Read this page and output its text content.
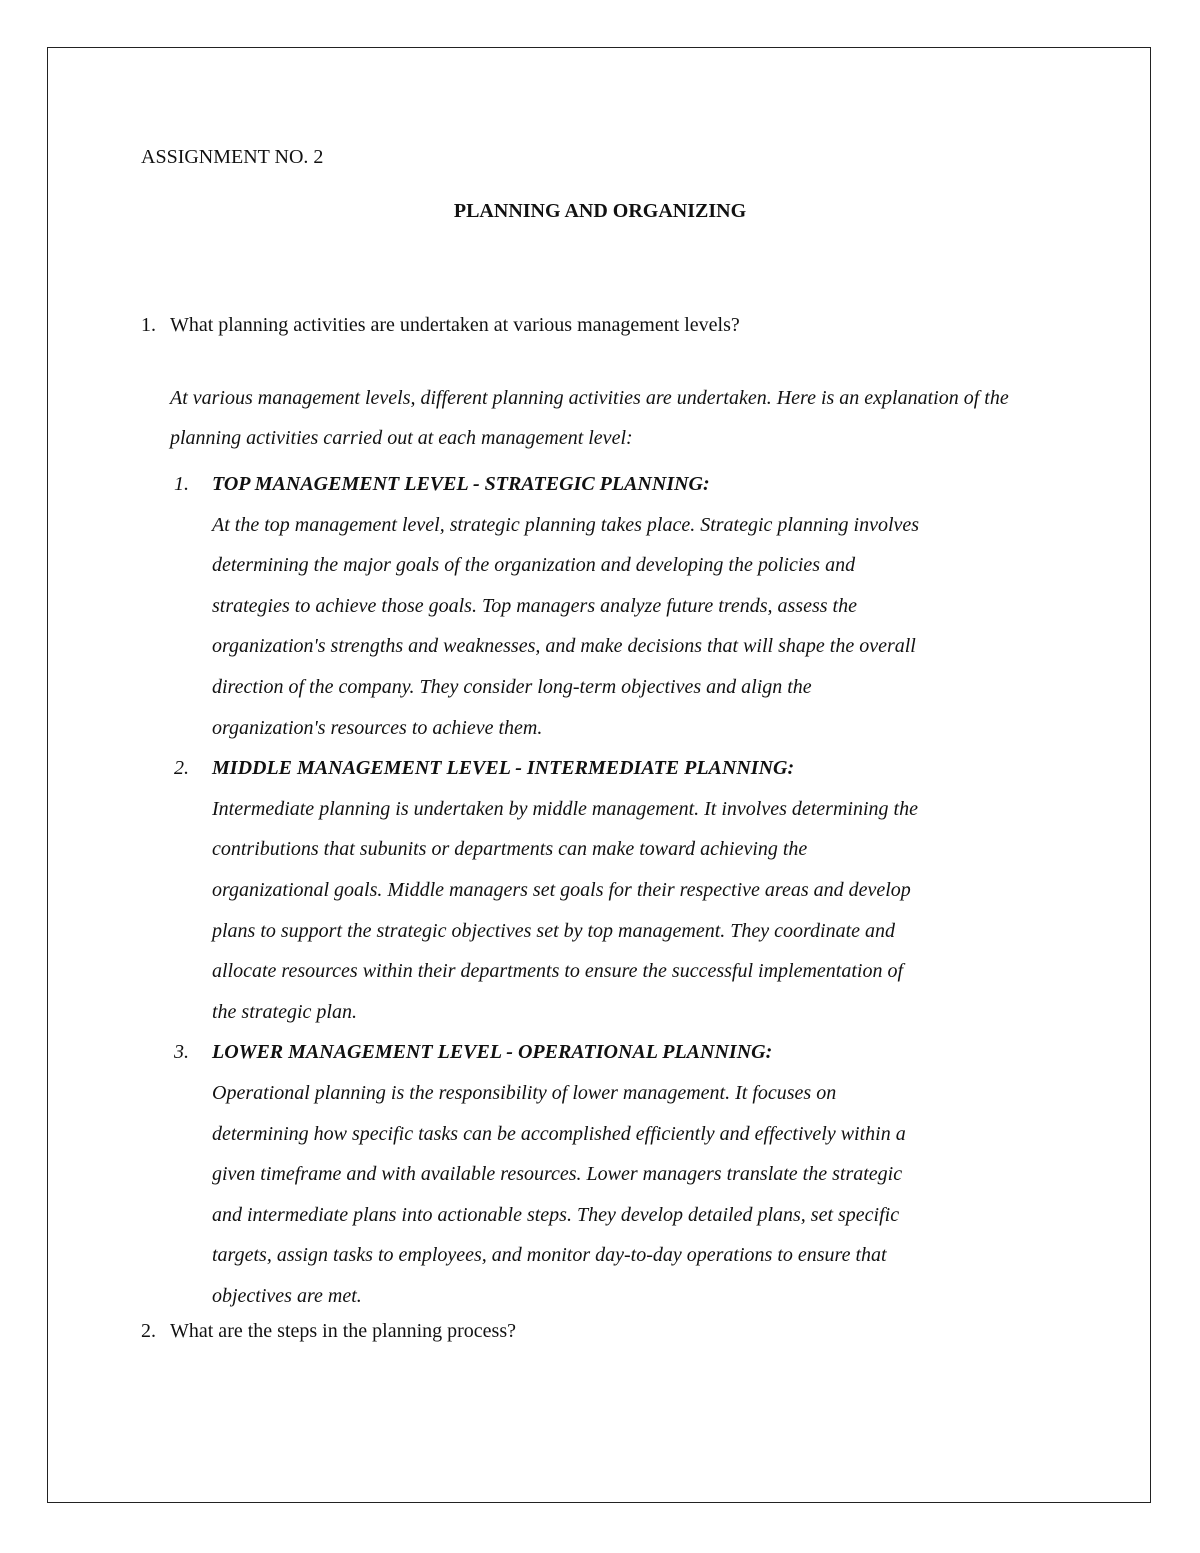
ASSIGNMENT NO. 2

PLANNING AND ORGANIZING

1. What planning activities are undertaken at various management levels?

At various management levels, different planning activities are undertaken. Here is an explanation of the planning activities carried out at each management level:

1.	TOP MANAGEMENT LEVEL - STRATEGIC PLANNING:
At the top management level, strategic planning takes place. Strategic planning involves
determining the major goals of the organization and developing the policies and
strategies to achieve those goals. Top managers analyze future trends, assess the
organization's strengths and weaknesses, and make decisions that will shape the overall
direction of the company. They consider long-term objectives and align the
organization's resources to achieve them.
2.	MIDDLE MANAGEMENT LEVEL - INTERMEDIATE PLANNING:
Intermediate planning is undertaken by middle management. It involves determining the
contributions that subunits or departments can make toward achieving the
organizational goals. Middle managers set goals for their respective areas and develop
plans to support the strategic objectives set by top management. They coordinate and
allocate resources within their departments to ensure the successful implementation of
the strategic plan.
3.	LOWER MANAGEMENT LEVEL - OPERATIONAL PLANNING:
Operational planning is the responsibility of lower management. It focuses on
determining how specific tasks can be accomplished efficiently and effectively within a
given timeframe and with available resources. Lower managers translate the strategic
and intermediate plans into actionable steps. They develop detailed plans, set specific
targets, assign tasks to employees, and monitor day-to-day operations to ensure that
objectives are met.
2. What are the steps in the planning process?
